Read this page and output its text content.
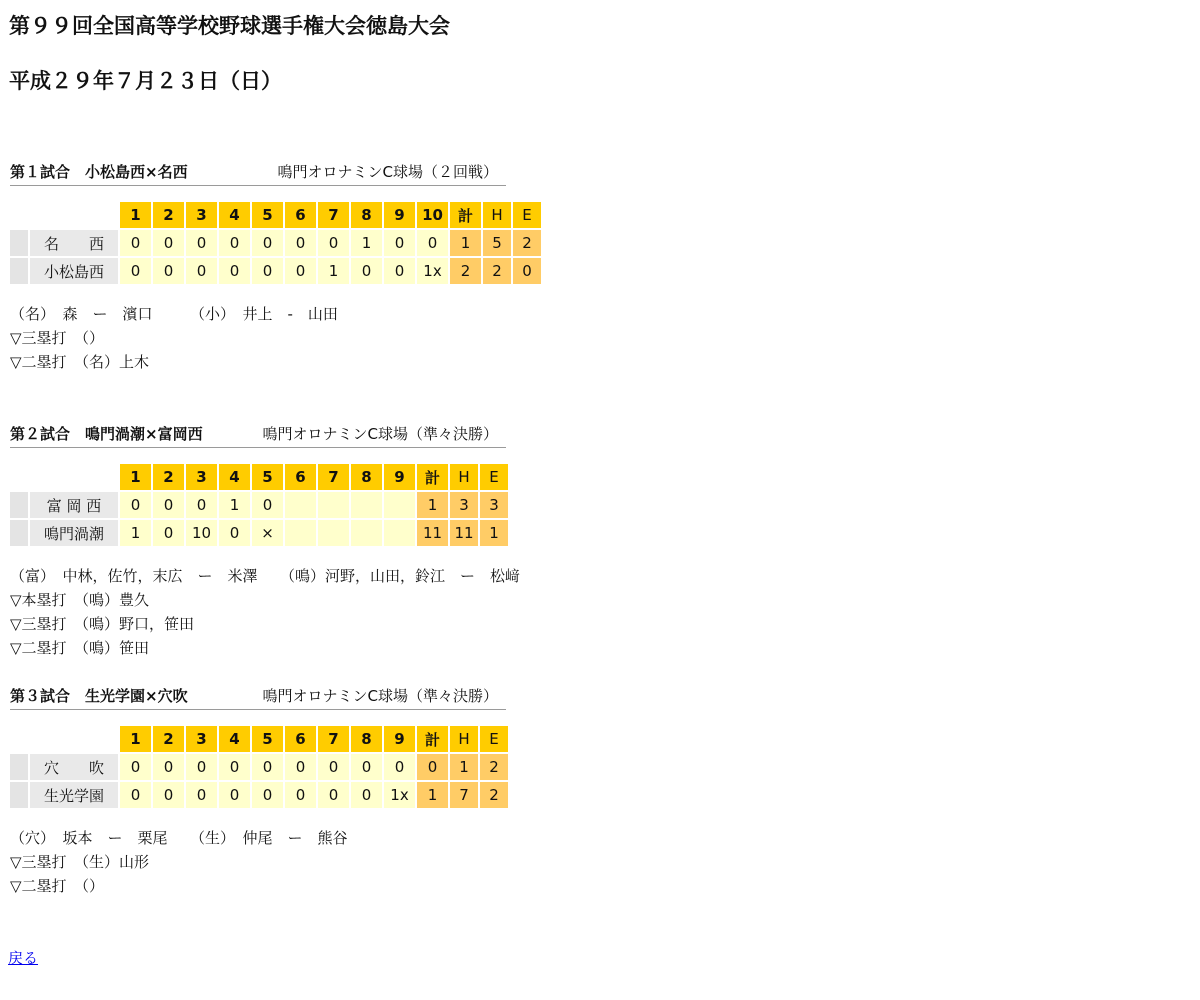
第９９回全国高等学校野球選手権大会徳島大会
平成２９年７月２３日（日）
第１試合　小松島西×名西	鳴門オロナミンC球場（２回戦）
		1	2	3	4	5	6	7	8	9	10	計	H	E
	名　　西	0	0	0	0	0	0	0	1	0	0	1	5	2
	小松島西	0	0	0	0	0	0	1	0	0	1x	2	2	0
（名）　森　ー　濱口　　　（小）　井上　-　山田
▽三塁打　（）
▽二塁打　（名）上木
第２試合　鳴門渦潮×富岡西	鳴門オロナミンC球場（準々決勝）
		1	2	3	4	5	6	7	8	9	計	H	E
	富 岡 西	0	0	0	1	0					1	3	3
	鳴門渦潮	1	0	10	0	×					11	11	1
（富）　中林，佐竹，末広　ー　米澤　　（鳴）河野，山田，鈴江　ー　松﨑
▽本塁打　（鳴）豊久
▽三塁打　（鳴）野口，笹田
▽二塁打　（鳴）笹田
第３試合　生光学園×穴吹	鳴門オロナミンC球場（準々決勝）
		1	2	3	4	5	6	7	8	9	計	H	E
	穴　　吹	0	0	0	0	0	0	0	0	0	0	1	2
	生光学園	0	0	0	0	0	0	0	0	1x	1	7	2
（穴）　坂本　ー　栗尾　　（生）　仲尾　ー　熊谷
▽三塁打　（生）山形
▽二塁打　（）
戻る
